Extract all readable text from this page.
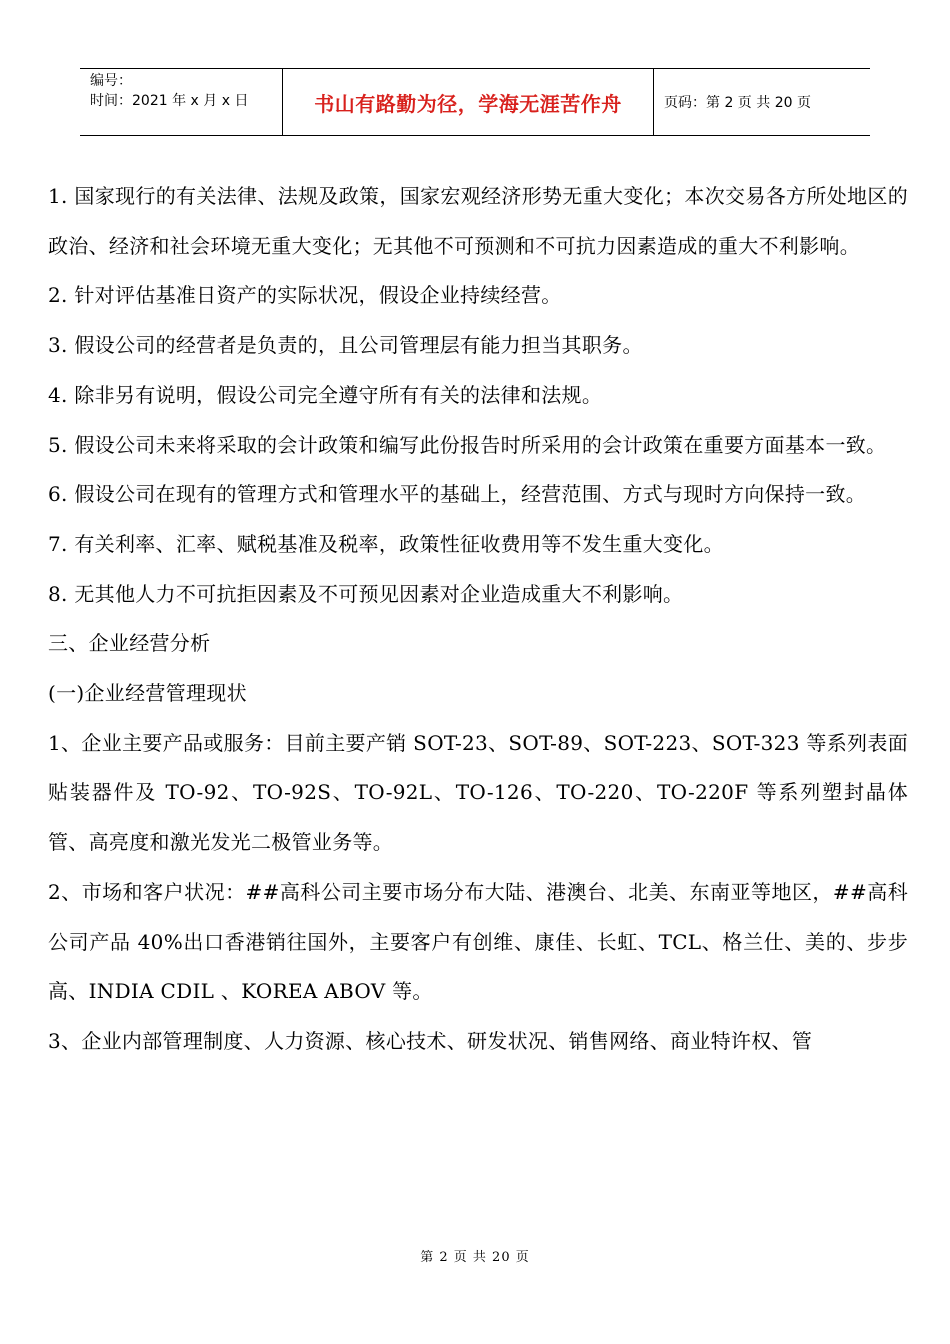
编号：
时间：2021 年 x 月 x 日	书山有路勤为径，学海无涯苦作舟	页码：第 2 页 共 20 页

1. 国家现行的有关法律、法规及政策，国家宏观经济形势无重大变化；本次交易各方所处地区的政治、经济和社会环境无重大变化；无其他不可预测和不可抗力因素造成的重大不利影响。

2. 针对评估基准日资产的实际状况，假设企业持续经营。

3. 假设公司的经营者是负责的，且公司管理层有能力担当其职务。

4. 除非另有说明，假设公司完全遵守所有有关的法律和法规。

5. 假设公司未来将采取的会计政策和编写此份报告时所采用的会计政策在重要方面基本一致。

6. 假设公司在现有的管理方式和管理水平的基础上，经营范围、方式与现时方向保持一致。

7. 有关利率、汇率、赋税基准及税率，政策性征收费用等不发生重大变化。

8. 无其他人力不可抗拒因素及不可预见因素对企业造成重大不利影响。

三、企业经营分析

(一)企业经营管理现状

1、企业主要产品或服务：目前主要产销 SOT-23、SOT-89、SOT-223、SOT-323 等系列表面贴装器件及 TO-92、TO-92S、TO-92L、TO-126、TO-220、TO-220F 等系列塑封晶体管、高亮度和激光发光二极管业务等。

2、市场和客户状况：##高科公司主要市场分布大陆、港澳台、北美、东南亚等地区，##高科公司产品 40%出口香港销往国外，主要客户有创维、康佳、长虹、TCL、格兰仕、美的、步步高、INDIA CDIL 、KOREA ABOV 等。

3、企业内部管理制度、人力资源、核心技术、研发状况、销售网络、商业特许权、管

第 2 页 共 20 页
